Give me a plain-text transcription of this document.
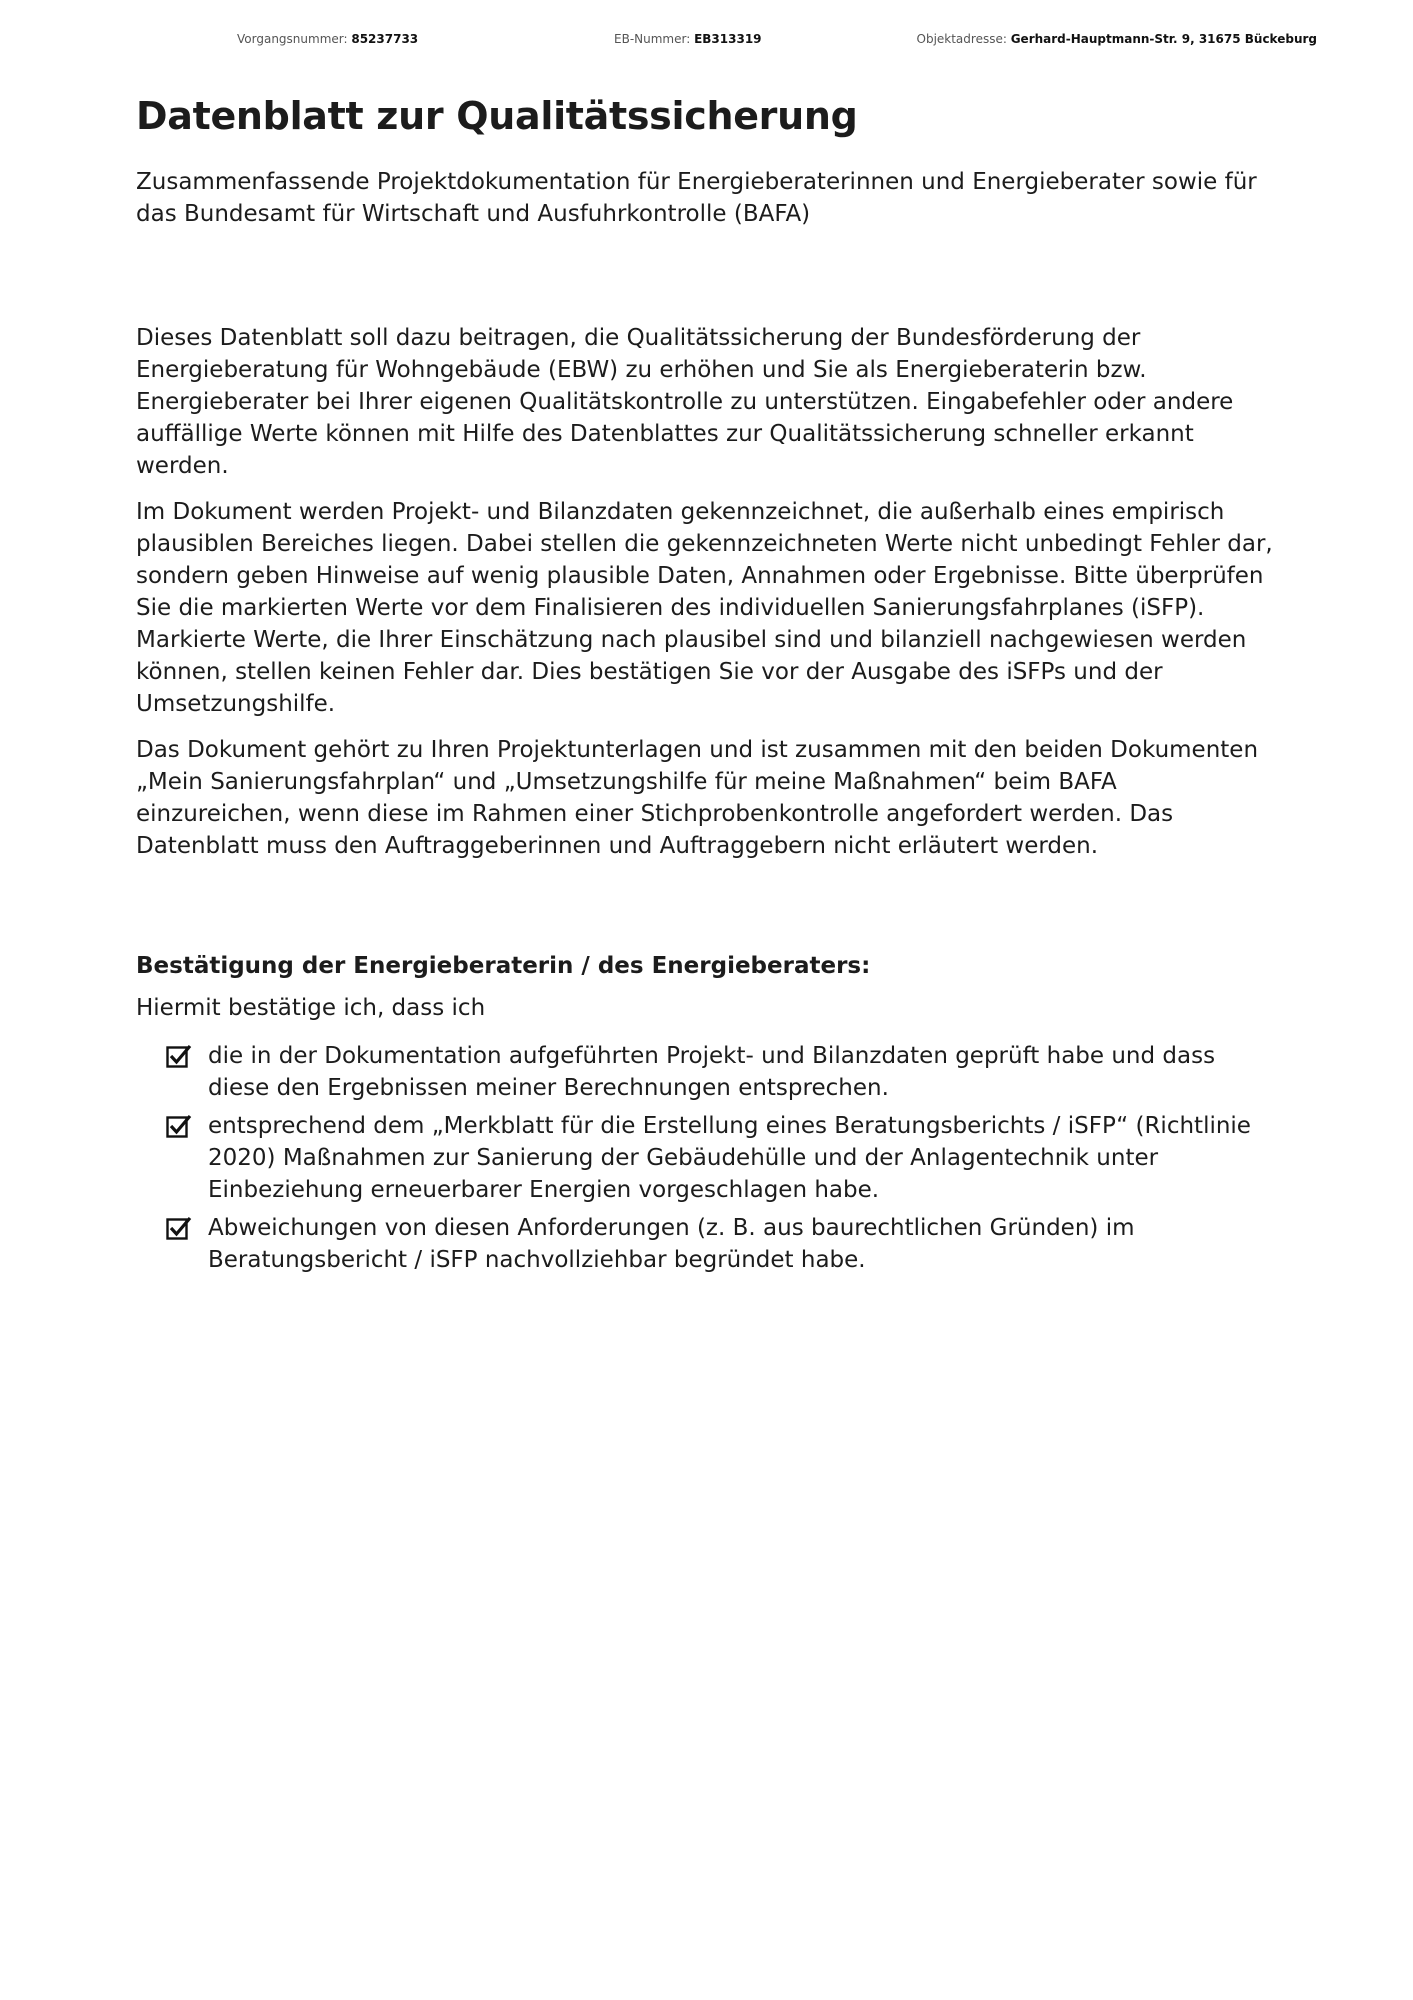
Vorgangsnummer: 85237733	EB-Nummer: EB313319	Objektadresse: Gerhard-Hauptmann-Str. 9, 31675 Bückeburg
Datenblatt zur Qualitätssicherung

Zusammenfassende Projektdokumentation für Energieberaterinnen und Energieberater sowie für das Bundesamt für Wirtschaft und Ausfuhrkontrolle (BAFA)

Dieses Datenblatt soll dazu beitragen, die Qualitätssicherung der Bundesförderung der Energieberatung für Wohngebäude (EBW) zu erhöhen und Sie als Energieberaterin bzw. Energieberater bei Ihrer eigenen Qualitätskontrolle zu unterstützen. Eingabefehler oder andere auffällige Werte können mit Hilfe des Datenblattes zur Qualitätssicherung schneller erkannt werden.

Im Dokument werden Projekt- und Bilanzdaten gekennzeichnet, die außerhalb eines empirisch plausiblen Bereiches liegen. Dabei stellen die gekennzeichneten Werte nicht unbedingt Fehler dar, sondern geben Hinweise auf wenig plausible Daten, Annahmen oder Ergebnisse. Bitte überprüfen Sie die markierten Werte vor dem Finalisieren des individuellen Sanierungsfahrplanes (iSFP). Markierte Werte, die Ihrer Einschätzung nach plausibel sind und bilanziell nachgewiesen werden können, stellen keinen Fehler dar. Dies bestätigen Sie vor der Ausgabe des iSFPs und der Umsetzungshilfe.

Das Dokument gehört zu Ihren Projektunterlagen und ist zusammen mit den beiden Dokumenten „Mein Sanierungsfahrplan“ und „Umsetzungshilfe für meine Maßnahmen“ beim BAFA einzureichen, wenn diese im Rahmen einer Stichprobenkontrolle angefordert werden. Das Datenblatt muss den Auftraggeberinnen und Auftraggebern nicht erläutert werden.

Bestätigung der Energieberaterin / des Energieberaters:

Hiermit bestätige ich, dass ich

die in der Dokumentation aufgeführten Projekt- und Bilanzdaten geprüft habe und dass diese den Ergebnissen meiner Berechnungen entsprechen.
entsprechend dem „Merkblatt für die Erstellung eines Beratungsberichts / iSFP“ (Richtlinie 2020) Maßnahmen zur Sanierung der Gebäudehülle und der Anlagentechnik unter Einbeziehung erneuerbarer Energien vorgeschlagen habe.
Abweichungen von diesen Anforderungen (z. B. aus baurechtlichen Gründen) im Beratungsbericht / iSFP nachvollziehbar begründet habe.
